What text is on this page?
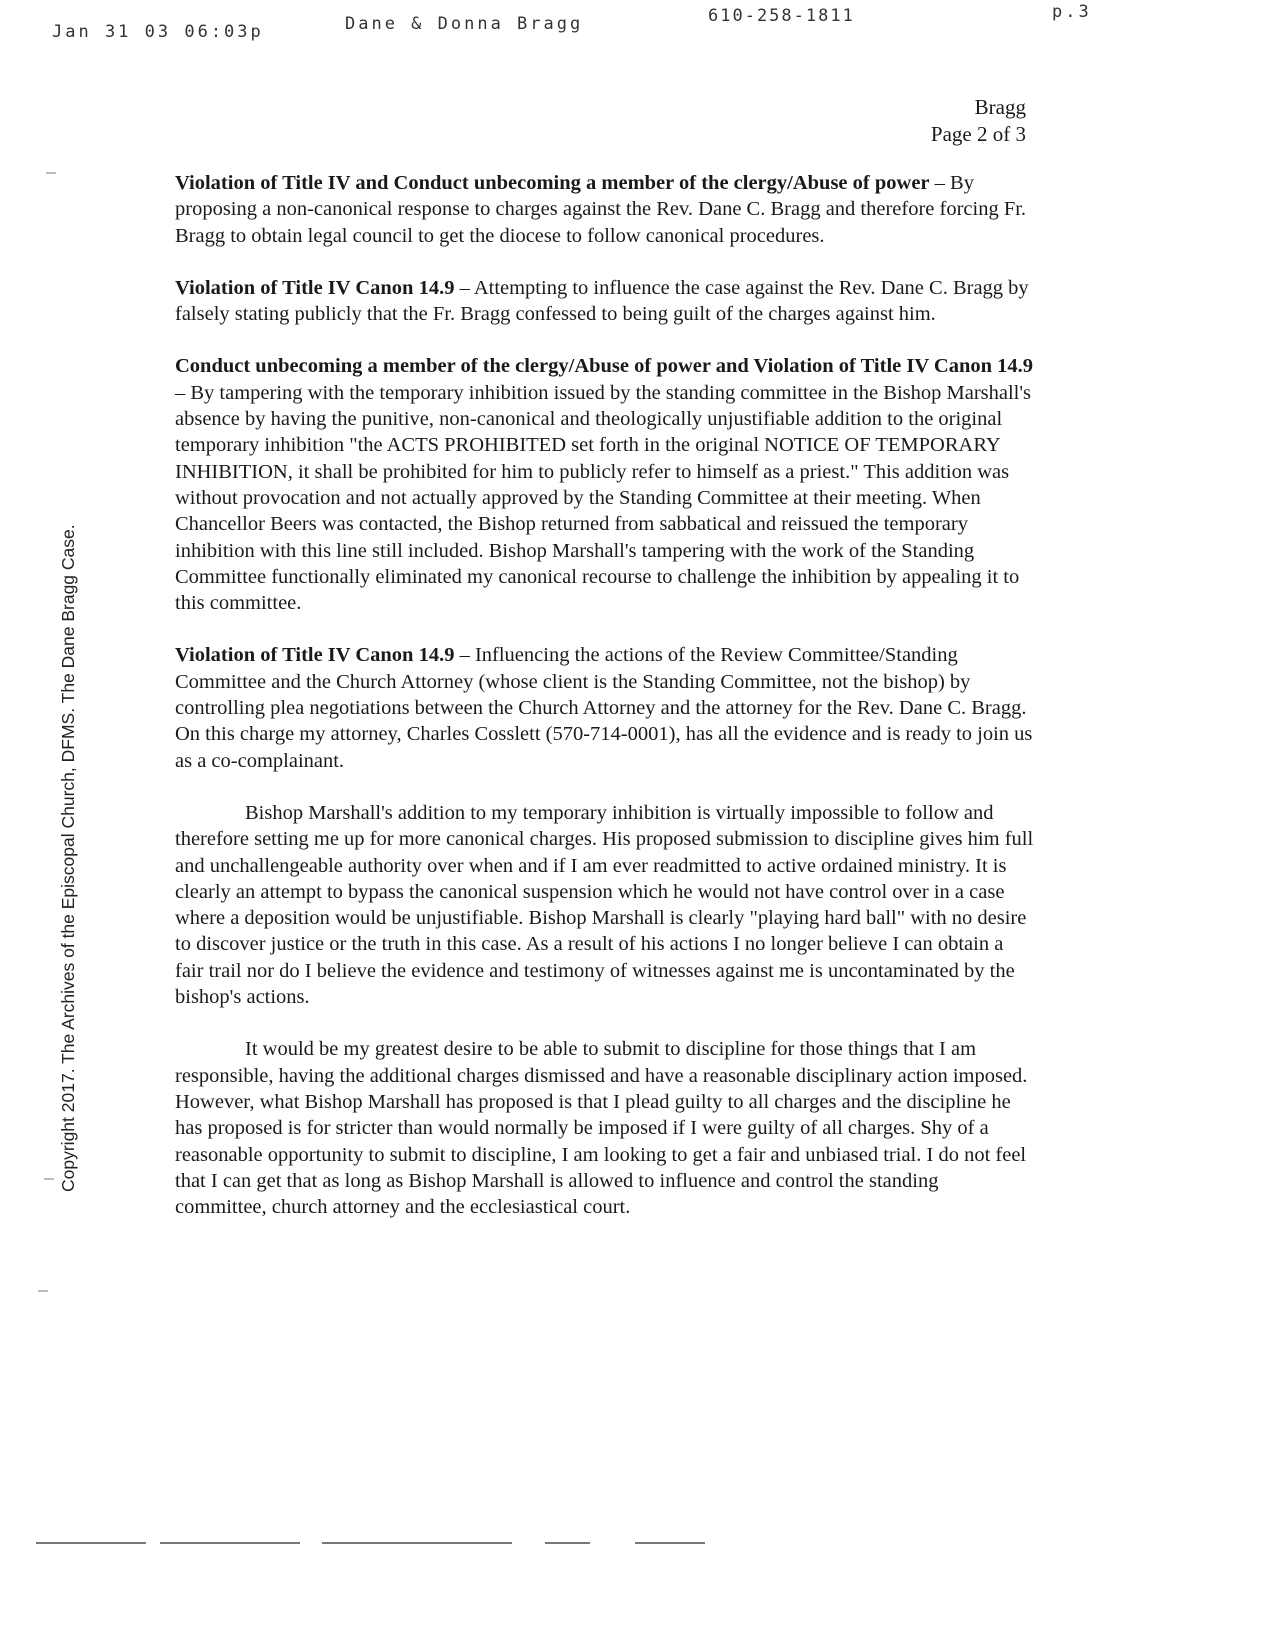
Jan 31 03 06:03p	Dane & Donna Bragg	610-258-1811	p.3
Copyright 2017. The Archives of the Episcopal Church, DFMS. The Dane Bragg Case.
Bragg
Page 2 of 3

Violation of Title IV and Conduct unbecoming a member of the clergy/Abuse of power – By proposing a non-canonical response to charges against the Rev. Dane C. Bragg and therefore forcing Fr. Bragg to obtain legal council to get the diocese to follow canonical procedures.

Violation of Title IV Canon 14.9 – Attempting to influence the case against the Rev. Dane C. Bragg by falsely stating publicly that the Fr. Bragg confessed to being guilt of the charges against him.

Conduct unbecoming a member of the clergy/Abuse of power and Violation of Title IV Canon 14.9 – By tampering with the temporary inhibition issued by the standing committee in the Bishop Marshall's absence by having the punitive, non-canonical and theologically unjustifiable addition to the original temporary inhibition "the ACTS PROHIBITED set forth in the original NOTICE OF TEMPORARY INHIBITION, it shall be prohibited for him to publicly refer to himself as a priest." This addition was without provocation and not actually approved by the Standing Committee at their meeting. When Chancellor Beers was contacted, the Bishop returned from sabbatical and reissued the temporary inhibition with this line still included. Bishop Marshall's tampering with the work of the Standing Committee functionally eliminated my canonical recourse to challenge the inhibition by appealing it to this committee.

Violation of Title IV Canon 14.9 – Influencing the actions of the Review Committee/Standing Committee and the Church Attorney (whose client is the Standing Committee, not the bishop) by controlling plea negotiations between the Church Attorney and the attorney for the Rev. Dane C. Bragg. On this charge my attorney, Charles Cosslett (570-714-0001), has all the evidence and is ready to join us as a co-complainant.

Bishop Marshall's addition to my temporary inhibition is virtually impossible to follow and therefore setting me up for more canonical charges. His proposed submission to discipline gives him full and unchallengeable authority over when and if I am ever readmitted to active ordained ministry. It is clearly an attempt to bypass the canonical suspension which he would not have control over in a case where a deposition would be unjustifiable. Bishop Marshall is clearly "playing hard ball" with no desire to discover justice or the truth in this case. As a result of his actions I no longer believe I can obtain a fair trail nor do I believe the evidence and testimony of witnesses against me is uncontaminated by the bishop's actions.

It would be my greatest desire to be able to submit to discipline for those things that I am responsible, having the additional charges dismissed and have a reasonable disciplinary action imposed. However, what Bishop Marshall has proposed is that I plead guilty to all charges and the discipline he has proposed is for stricter than would normally be imposed if I were guilty of all charges. Shy of a reasonable opportunity to submit to discipline, I am looking to get a fair and unbiased trial. I do not feel that I can get that as long as Bishop Marshall is allowed to influence and control the standing committee, church attorney and the ecclesiastical court.
